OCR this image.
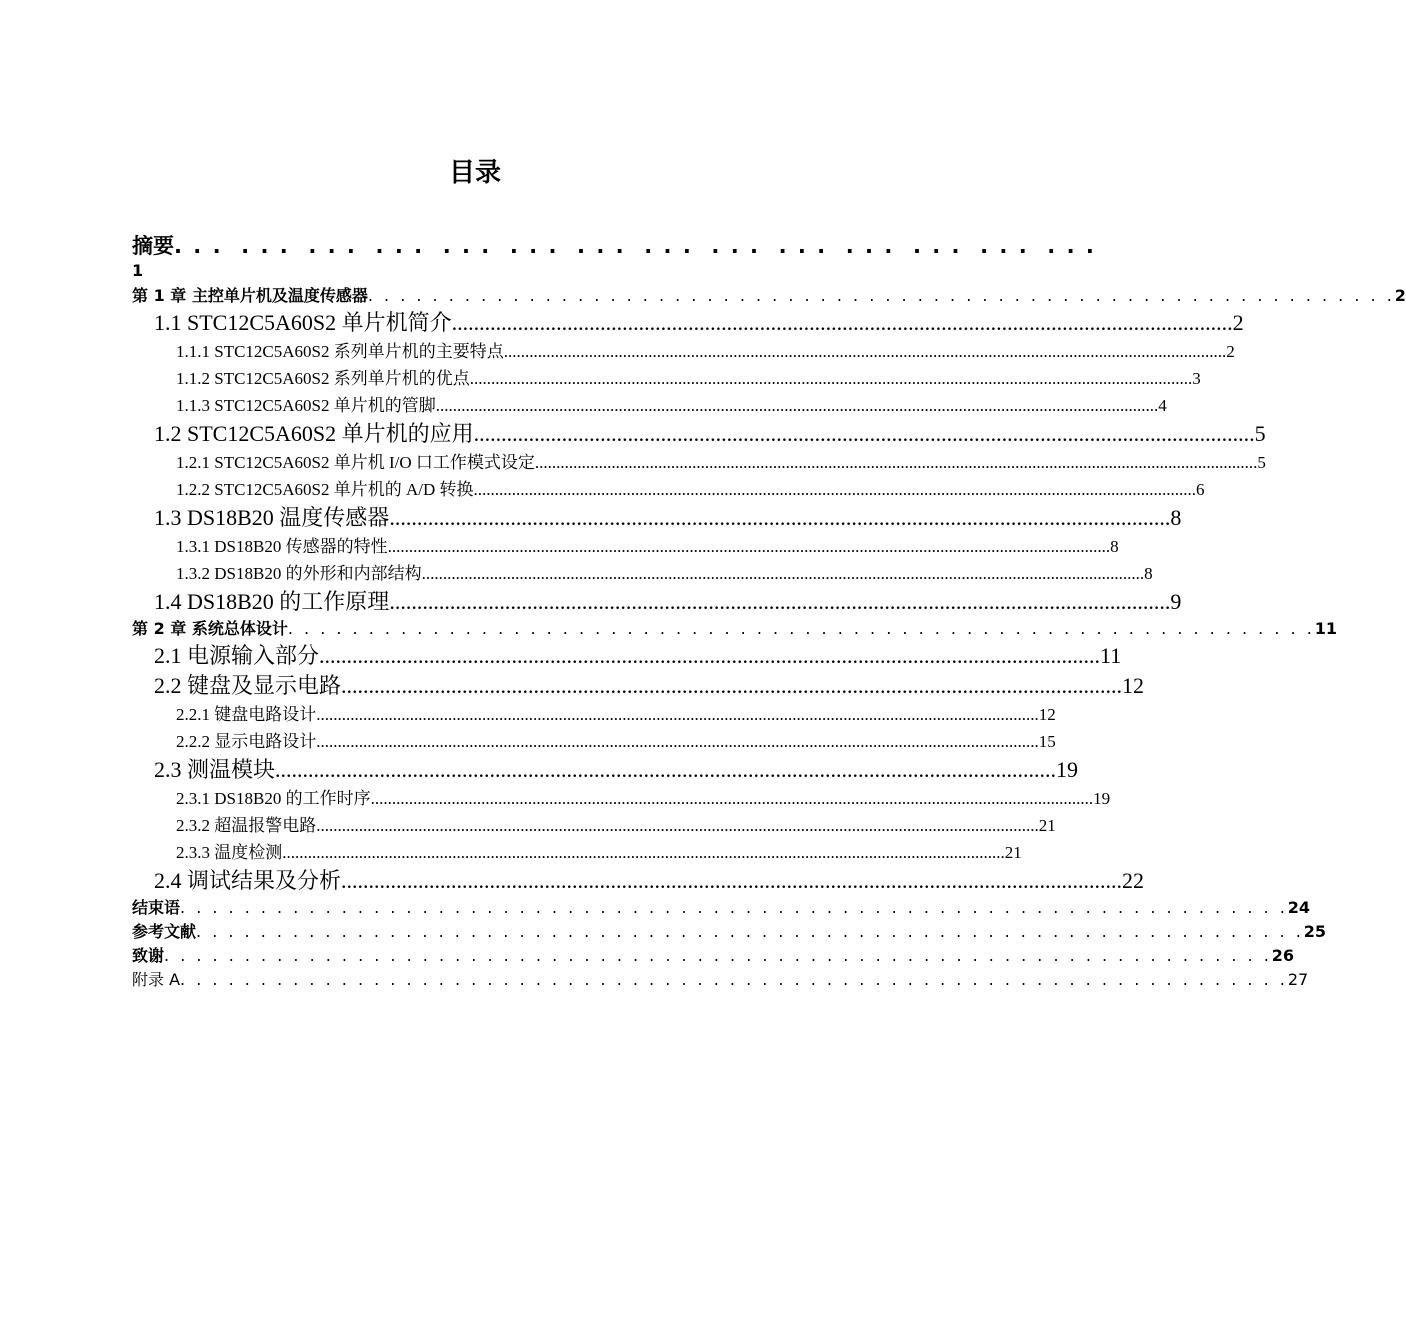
目录
摘要 . . .  . . .  . . .  . . .  . . .  . . .  . . .  . . .  . . .  . . .  . . .  . . .  . . .  . . .
1
第 1 章 主控单片机及温度传感器 . . . . . . . . . . . . . . . . . . . . . . . . . . . . . . . . . . . . . . . . . . . . . . . . . . . . . . . . . . . . . . . . 2
1.1 STC12C5A60S2 单片机简介 .............................................................................................................................................. 2
1.1.1 STC12C5A60S2 系列单片机的主要特点 .......................................................................................................................................................................... 2
1.1.2 STC12C5A60S2 系列单片机的优点 .......................................................................................................................................................................... 3
1.1.3 STC12C5A60S2 单片机的管脚 .......................................................................................................................................................................... 4
1.2 STC12C5A60S2 单片机的应用 .............................................................................................................................................. 5
1.2.1 STC12C5A60S2 单片机 I/O 口工作模式设定 .......................................................................................................................................................................... 5
1.2.2 STC12C5A60S2 单片机的 A/D 转换 .......................................................................................................................................................................... 6
1.3 DS18B20 温度传感器 .............................................................................................................................................. 8
1.3.1 DS18B20 传感器的特性 .......................................................................................................................................................................... 8
1.3.2 DS18B20 的外形和内部结构 .......................................................................................................................................................................... 8
1.4 DS18B20 的工作原理 .............................................................................................................................................. 9
第 2 章 系统总体设计 . . . . . . . . . . . . . . . . . . . . . . . . . . . . . . . . . . . . . . . . . . . . . . . . . . . . . . . . . . . . . . . . 11
2.1 电源输入部分 .............................................................................................................................................. 11
2.2 键盘及显示电路 .............................................................................................................................................. 12
2.2.1 键盘电路设计 .......................................................................................................................................................................... 12
2.2.2 显示电路设计 .......................................................................................................................................................................... 15
2.3 测温模块 .............................................................................................................................................. 19
2.3.1 DS18B20 的工作时序 .......................................................................................................................................................................... 19
2.3.2 超温报警电路 .......................................................................................................................................................................... 21
2.3.3 温度检测 .......................................................................................................................................................................... 21
2.4 调试结果及分析 .............................................................................................................................................. 22
结束语 . . . . . . . . . . . . . . . . . . . . . . . . . . . . . . . . . . . . . . . . . . . . . . . . . . . . . . . . . . . . . . . . . . . . . 24
参考文献 . . . . . . . . . . . . . . . . . . . . . . . . . . . . . . . . . . . . . . . . . . . . . . . . . . . . . . . . . . . . . . . . . . . . . 25
致谢 . . . . . . . . . . . . . . . . . . . . . . . . . . . . . . . . . . . . . . . . . . . . . . . . . . . . . . . . . . . . . . . . . . . . . 26
附录 A . . . . . . . . . . . . . . . . . . . . . . . . . . . . . . . . . . . . . . . . . . . . . . . . . . . . . . . . . . . . . . . . . . . . . 27
